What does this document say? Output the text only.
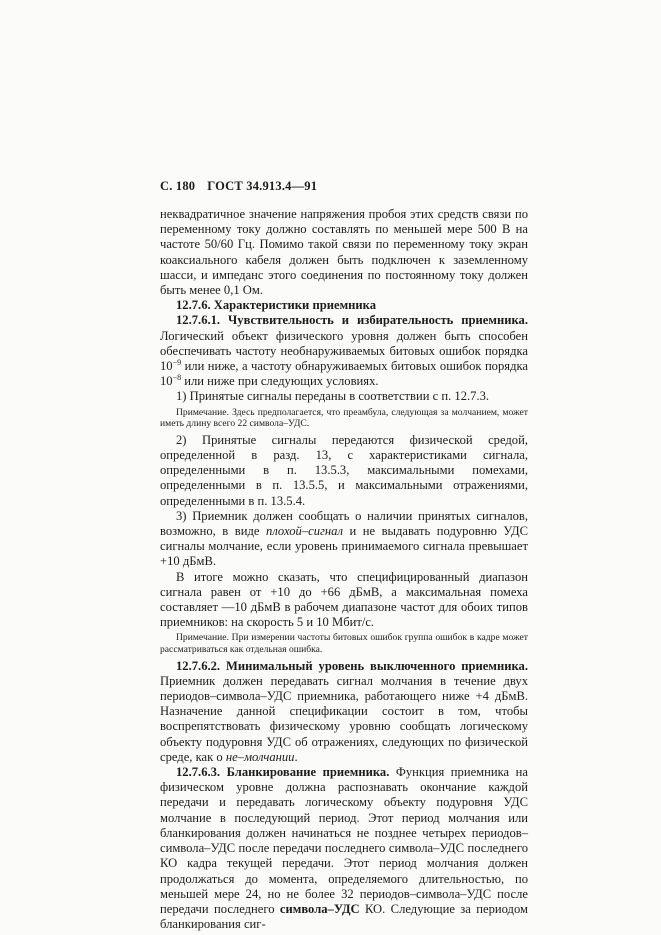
С. 180 ГОСТ 34.913.4—91

неквадратичное значение напряжения пробоя этих средств связи по переменному току должно составлять по меньшей мере 500 В на частоте 50/60 Гц. Помимо такой связи по переменному току экран коаксиального кабеля должен быть подключен к заземленному шасси, и импеданс этого соединения по постоянному току должен быть менее 0,1 Ом.

12.7.6. Характеристики приемника

12.7.6.1. Чувствительность и избирательность приемника. Логический объект физического уровня должен быть способен обеспечивать частоту необнаруживаемых битовых ошибок порядка $10^{-9}$ или ниже, а частоту обнаруживаемых битовых ошибок порядка $10^{-8}$ или ниже при следующих условиях.

1) Принятые сигналы переданы в соответствии с п. 12.7.3.

Примечание. Здесь предполагается, что преамбула, следующая за молчанием, может иметь длину всего 22 символа–УДС.

2) Принятые сигналы передаются физической средой, определенной в разд. 13, с характеристиками сигнала, определенными в п. 13.5.3, максимальными помехами, определенными в п. 13.5.5, и максимальными отражениями, определенными в п. 13.5.4.

3) Приемник должен сообщать о наличии принятых сигналов, возможно, в виде плохой–сигнал и не выдавать подуровню УДС сигналы молчание, если уровень принимаемого сигнала превышает +10 дБмВ.

В итоге можно сказать, что специфицированный диапазон сигнала равен от +10 до +66 дБмВ, а максимальная помеха составляет —10 дБмВ в рабочем диапазоне частот для обоих типов приемников: на скорость 5 и 10 Мбит/с.

Примечание. При измерении частоты битовых ошибок группа ошибок в кадре может рассматриваться как отдельная ошибка.

12.7.6.2. Минимальный уровень выключенного приемника. Приемник должен передавать сигнал молчания в течение двух периодов–символа–УДС приемника, работающего ниже +4 дБмВ. Назначение данной спецификации состоит в том, чтобы воспрепятствовать физическому уровню сообщать логическому объекту подуровня УДС об отражениях, следующих по физической среде, как о не–молчании.

12.7.6.3. Бланкирование приемника. Функция приемника на физическом уровне должна распознавать окончание каждой передачи и передавать логическому объекту подуровня УДС молчание в последующий период. Этот период молчания или бланкирования должен начинаться не позднее четырех периодов–символа–УДС после передачи последнего символа–УДС последнего КО кадра текущей передачи. Этот период молчания должен продолжаться до момента, определяемого длительностью, по меньшей мере 24, но не более 32 периодов–символа–УДС после передачи последнего символа–УДС КО. Следующие за периодом бланкирования сиг-
